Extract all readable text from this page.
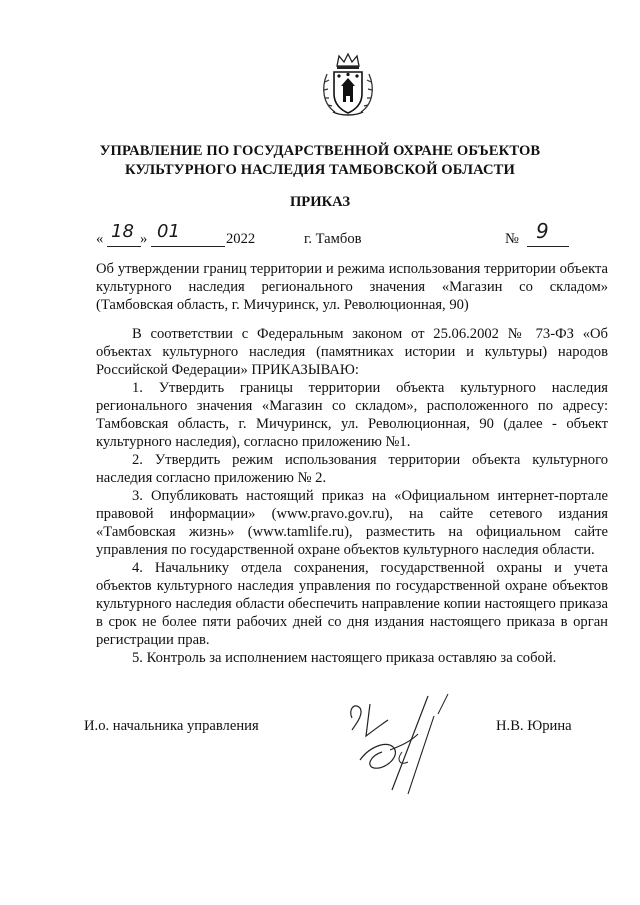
УПРАВЛЕНИЕ ПО ГОСУДАРСТВЕННОЙ ОХРАНЕ ОБЪЕКТОВ
КУЛЬТУРНОГО НАСЛЕДИЯ ТАМБОВСКОЙ ОБЛАСТИ
ПРИКАЗ
« 18 » 01	2022	г. Тамбов	№ 9
Об утверждении границ территории и режима использования территории объекта культурного наследия регионального значения «Магазин со складом» (Тамбовская область, г. Мичуринск, ул. Революционная, 90)

В соответствии с Федеральным законом от 25.06.2002 № 73-ФЗ «Об объектах культурного наследия (памятниках истории и культуры) народов Российской Федерации» ПРИКАЗЫВАЮ:

1. Утвердить границы территории объекта культурного наследия регионального значения «Магазин со складом», расположенного по адресу: Тамбовская область, г. Мичуринск, ул. Революционная, 90 (далее - объект культурного наследия), согласно приложению №1.

2. Утвердить режим использования территории объекта культурного наследия согласно приложению № 2.

3. Опубликовать настоящий приказ на «Официальном интернет-портале правовой информации» (www.pravo.gov.ru), на сайте сетевого издания «Тамбовская жизнь» (www.tamlife.ru), разместить на официальном сайте управления по государственной охране объектов культурного наследия области.

4. Начальнику отдела сохранения, государственной охраны и учета объектов культурного наследия управления по государственной охране объектов культурного наследия области обеспечить направление копии настоящего приказа в срок не более пяти рабочих дней со дня издания настоящего приказа в орган регистрации прав.

5. Контроль за исполнением настоящего приказа оставляю за собой.

И.о. начальника управления	Н.В. Юрина
